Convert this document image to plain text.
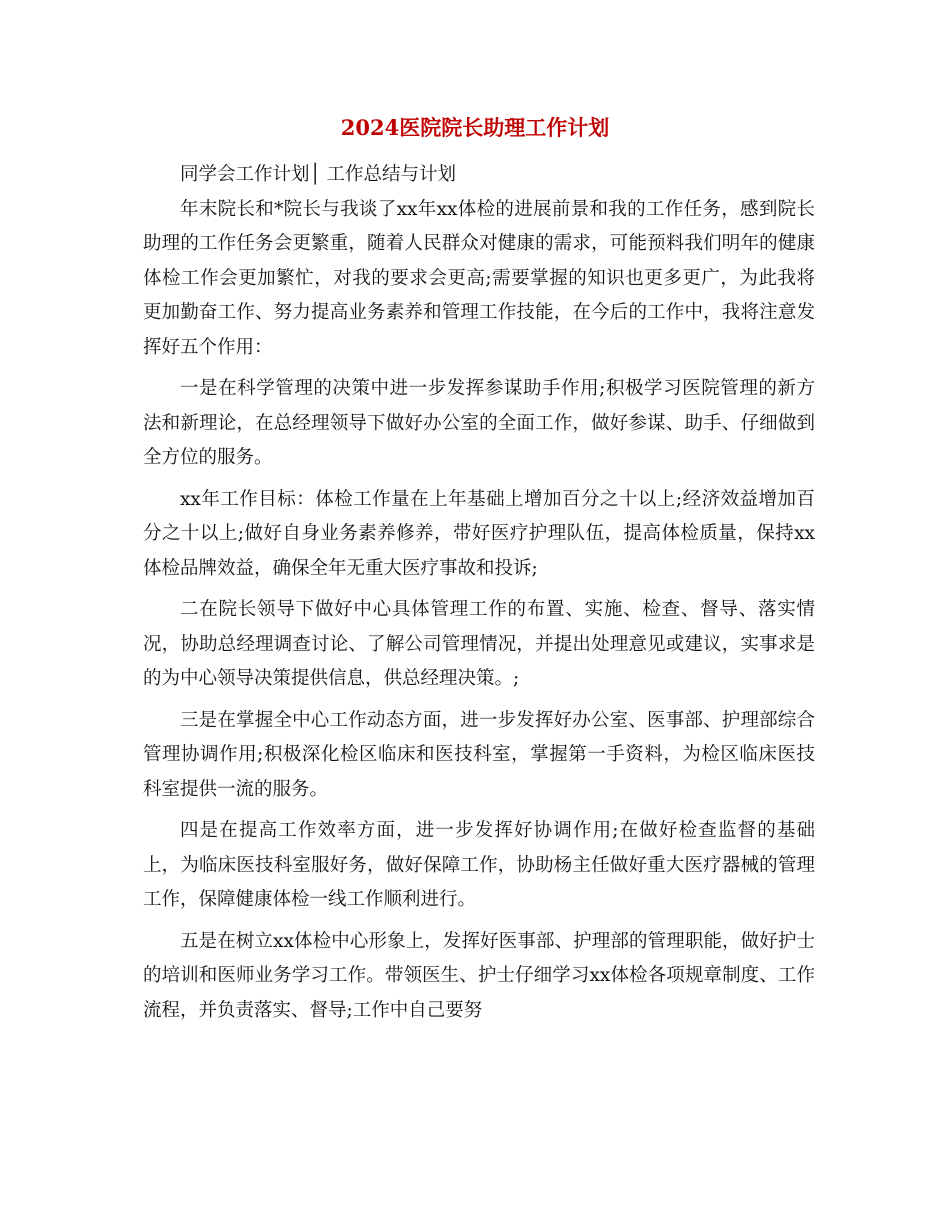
2024医院院长助理工作计划

同学会工作计划│ 工作总结与计划

年末院长和*院长与我谈了xx年xx体检的进展前景和我的工作任务，感到院长助理的工作任务会更繁重，随着人民群众对健康的需求，可能预料我们明年的健康体检工作会更加繁忙，对我的要求会更高;需要掌握的知识也更多更广，为此我将更加勤奋工作、努力提高业务素养和管理工作技能，在今后的工作中，我将注意发挥好五个作用：

一是在科学管理的决策中进一步发挥参谋助手作用;积极学习医院管理的新方法和新理论，在总经理领导下做好办公室的全面工作，做好参谋、助手、仔细做到全方位的服务。

xx年工作目标：体检工作量在上年基础上增加百分之十以上;经济效益增加百分之十以上;做好自身业务素养修养，带好医疗护理队伍，提高体检质量，保持xx体检品牌效益，确保全年无重大医疗事故和投诉;

二在院长领导下做好中心具体管理工作的布置、实施、检查、督导、落实情况，协助总经理调查讨论、了解公司管理情况，并提出处理意见或建议，实事求是的为中心领导决策提供信息，供总经理决策。;

三是在掌握全中心工作动态方面，进一步发挥好办公室、医事部、护理部综合管理协调作用;积极深化检区临床和医技科室，掌握第一手资料，为检区临床医技科室提供一流的服务。

四是在提高工作效率方面，进一步发挥好协调作用;在做好检查监督的基础上，为临床医技科室服好务，做好保障工作，协助杨主任做好重大医疗器械的管理工作，保障健康体检一线工作顺利进行。

五是在树立xx体检中心形象上，发挥好医事部、护理部的管理职能，做好护士的培训和医师业务学习工作。带领医生、护士仔细学习xx体检各项规章制度、工作流程，并负责落实、督导;工作中自己要努
